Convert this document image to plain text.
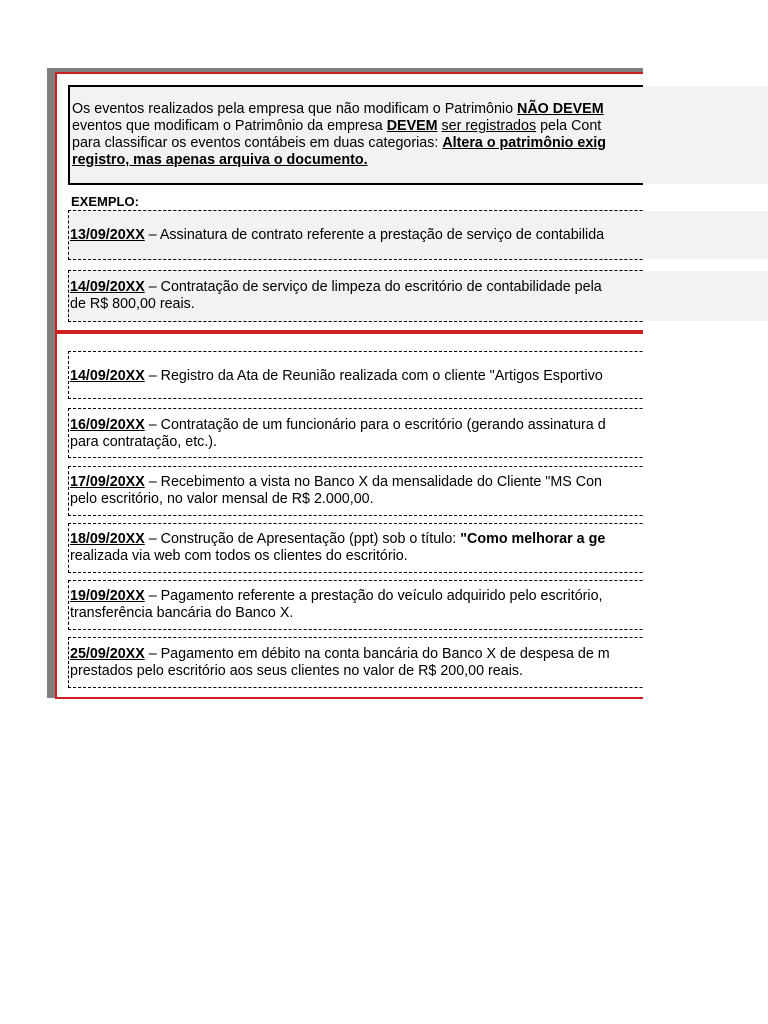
Os eventos realizados pela empresa que não modificam o Patrimônio NÃO DEVEM

eventos que modificam o Patrimônio da empresa DEVEM ser registrados pela Cont

para classificar os eventos contábeis em duas categorias: Altera o patrimônio exig

registro, mas apenas arquiva o documento.

EXEMPLO:

13/09/20XX – Assinatura de contrato referente a prestação de serviço de contabilida

14/09/20XX – Contratação de serviço de limpeza do escritório de contabilidade pela

de R$ 800,00 reais.

14/09/20XX – Registro da Ata de Reunião realizada com o cliente "Artigos Esportivo

16/09/20XX – Contratação de um funcionário para o escritório (gerando assinatura d

para contratação, etc.).

17/09/20XX – Recebimento a vista no Banco X da mensalidade do Cliente "MS Con

pelo escritório, no valor mensal de R$ 2.000,00.

18/09/20XX – Construção de Apresentação (ppt) sob o título: "Como melhorar a ge

realizada via web com todos os clientes do escritório.

19/09/20XX – Pagamento referente a prestação do veículo adquirido pelo escritório,

transferência bancária do Banco X.

25/09/20XX – Pagamento em débito na conta bancária do Banco X de despesa de m

prestados pelo escritório aos seus clientes no valor de R$ 200,00 reais.
